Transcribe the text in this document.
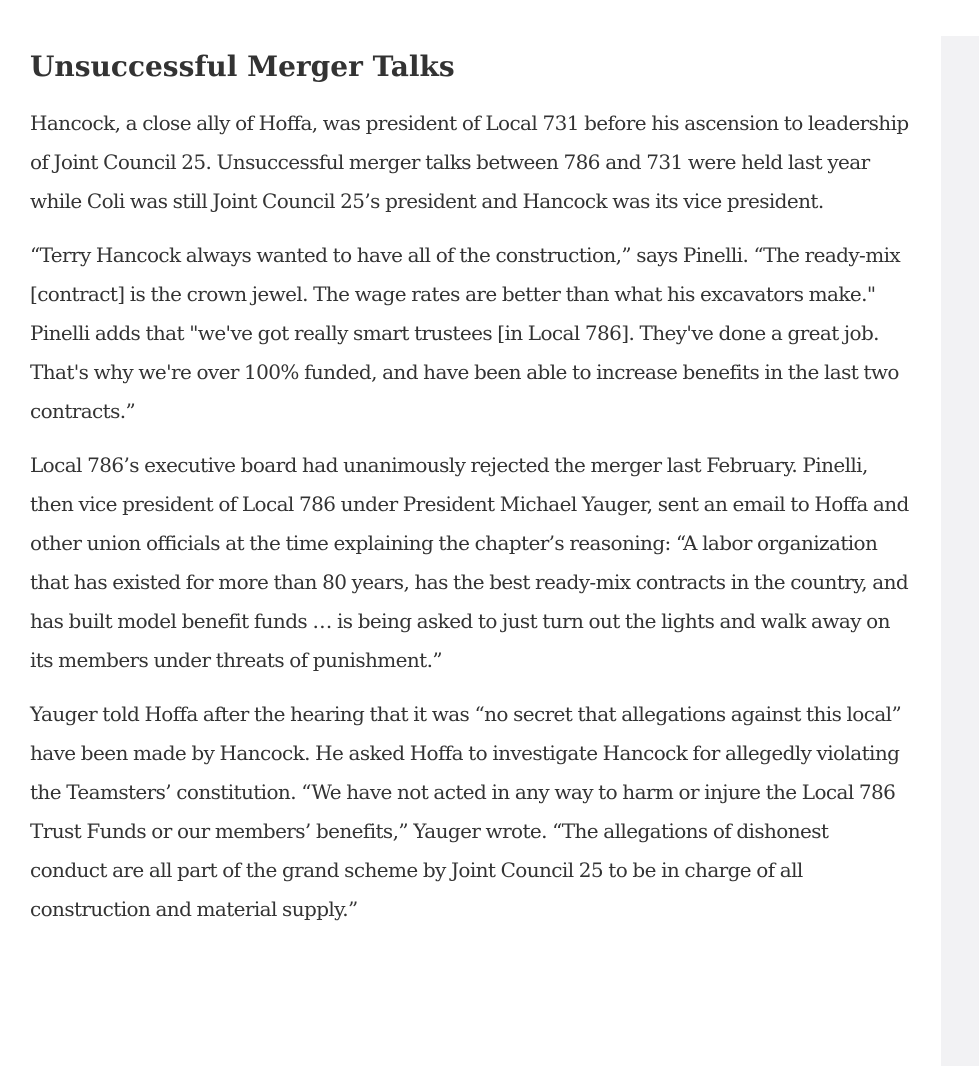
Unsuccessful Merger Talks

Hancock, a close ally of Hoffa, was president of Local 731 before his ascension to leadership of Joint Council 25. Unsuccessful merger talks between 786 and 731 were held last year while Coli was still Joint Council 25’s president and Hancock was its vice president.

“Terry Hancock always wanted to have all of the construction,” says Pinelli. “The ready-mix [contract] is the crown jewel. The wage rates are better than what his excavators make." Pinelli adds that "we've got really smart trustees [in Local 786]. They've done a great job. That's why we're over 100% funded, and have been able to increase benefits in the last two contracts.”

Local 786’s executive board had unanimously rejected the merger last February. Pinelli, then vice president of Local 786 under President Michael Yauger, sent an email to Hoffa and other union officials at the time explaining the chapter’s reasoning: “A labor organization that has existed for more than 80 years, has the best ready-mix contracts in the country, and has built model benefit funds … is being asked to just turn out the lights and walk away on its members under threats of punishment.”

Yauger told Hoffa after the hearing that it was “no secret that allegations against this local” have been made by Hancock. He asked Hoffa to investigate Hancock for allegedly violating the Teamsters’ constitution. “We have not acted in any way to harm or injure the Local 786 Trust Funds or our members’ benefits,” Yauger wrote. “The allegations of dishonest conduct are all part of the grand scheme by Joint Council 25 to be in charge of all construction and material supply.”
